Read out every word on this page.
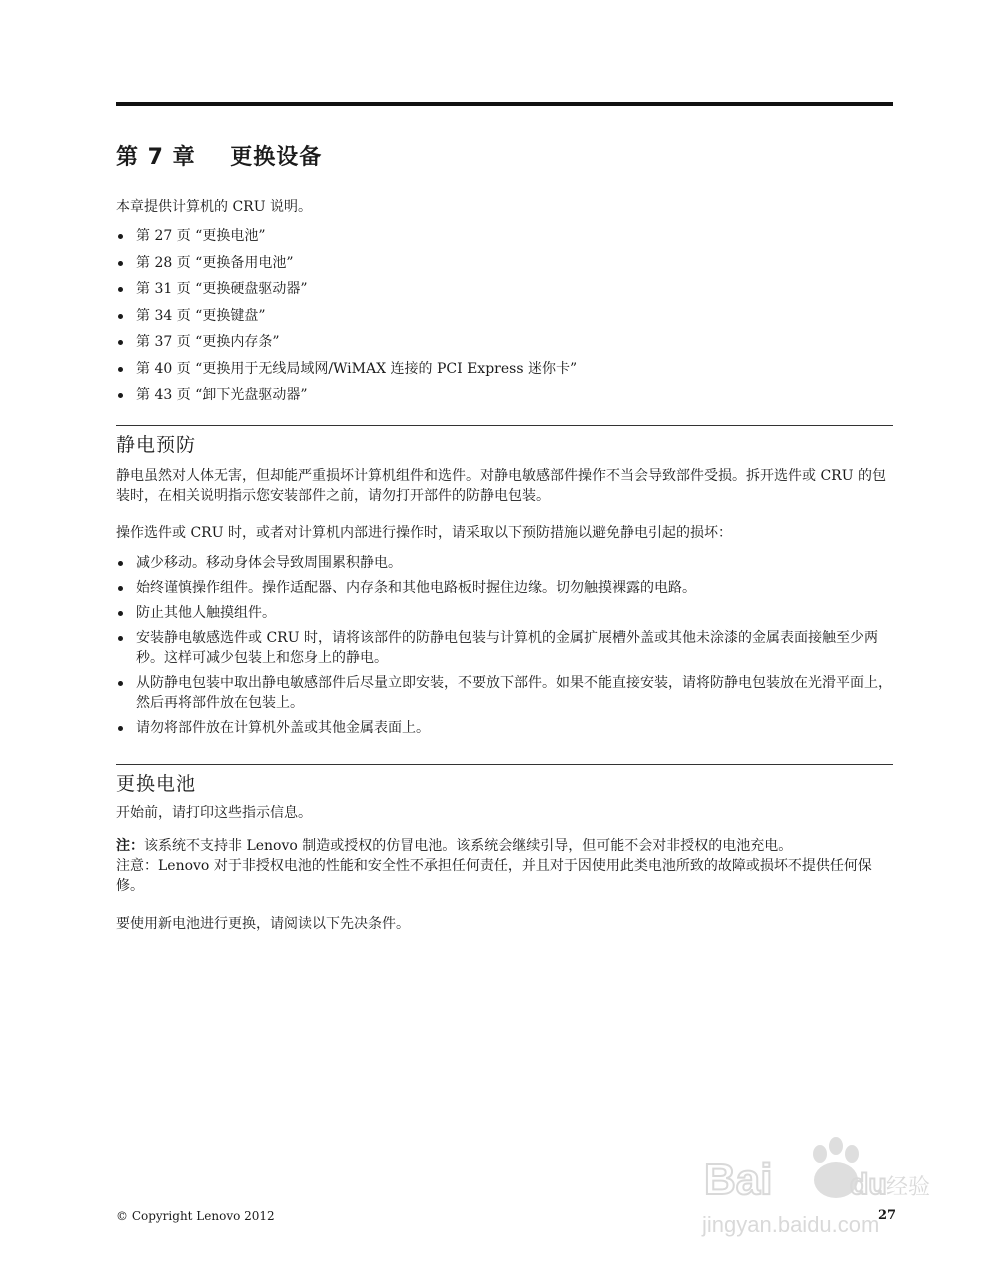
第 7 章    更换设备

本章提供计算机的 CRU 说明。

第 27 页 “更换电池”
第 28 页 “更换备用电池”
第 31 页 “更换硬盘驱动器”
第 34 页 “更换键盘”
第 37 页 “更换内存条”
第 40 页 “更换用于无线局域网/WiMAX 连接的 PCI Express 迷你卡”
第 43 页 “卸下光盘驱动器”
静电预防

静电虽然对人体无害，但却能严重损坏计算机组件和选件。对静电敏感部件操作不当会导致部件受损。拆开选件或 CRU 的包装时，在相关说明指示您安装部件之前，请勿打开部件的防静电包装。

操作选件或 CRU 时，或者对计算机内部进行操作时，请采取以下预防措施以避免静电引起的损坏：

减少移动。移动身体会导致周围累积静电。
始终谨慎操作组件。操作适配器、内存条和其他电路板时握住边缘。切勿触摸裸露的电路。
防止其他人触摸组件。
安装静电敏感选件或 CRU 时，请将该部件的防静电包装与计算机的金属扩展槽外盖或其他未涂漆的金属表面接触至少两秒。这样可减少包装上和您身上的静电。
从防静电包装中取出静电敏感部件后尽量立即安装，不要放下部件。如果不能直接安装，请将防静电包装放在光滑平面上，然后再将部件放在包装上。
请勿将部件放在计算机外盖或其他金属表面上。
更换电池

开始前，请打印这些指示信息。

注：该系统不支持非 Lenovo 制造或授权的仿冒电池。该系统会继续引导，但可能不会对非授权的电池充电。
注意：Lenovo 对于非授权电池的性能和安全性不承担任何责任，并且对于因使用此类电池所致的故障或损坏不提供任何保修。

要使用新电池进行更换，请阅读以下先决条件。

© Copyright Lenovo 2012	27

Bai	du 经验
jingyan.baidu.com
